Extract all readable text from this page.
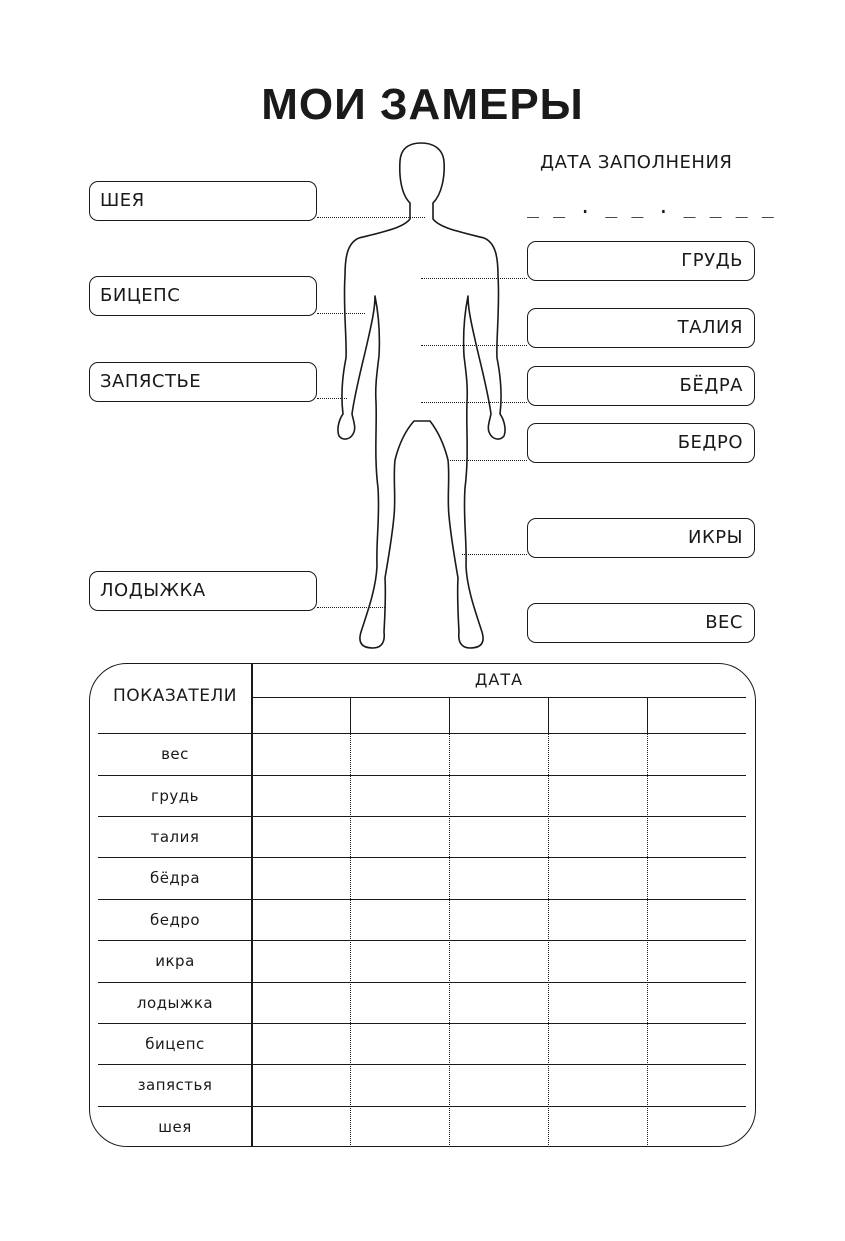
МОИ ЗАМЕРЫ
ДАТА ЗАПОЛНЕНИЯ
_ _ . _ _ . _ _ _ _
ШЕЯ
БИЦЕПС
ЗАПЯСТЬЕ
ЛОДЫЖКА
ГРУДЬ
ТАЛИЯ
БЁДРА
БЕДРО
ИКРЫ
ВЕС
ПОКАЗАТЕЛИ
ДАТА
вес
грудь
талия
бёдра
бедро
икра
лодыжка
бицепс
запястья
шея
